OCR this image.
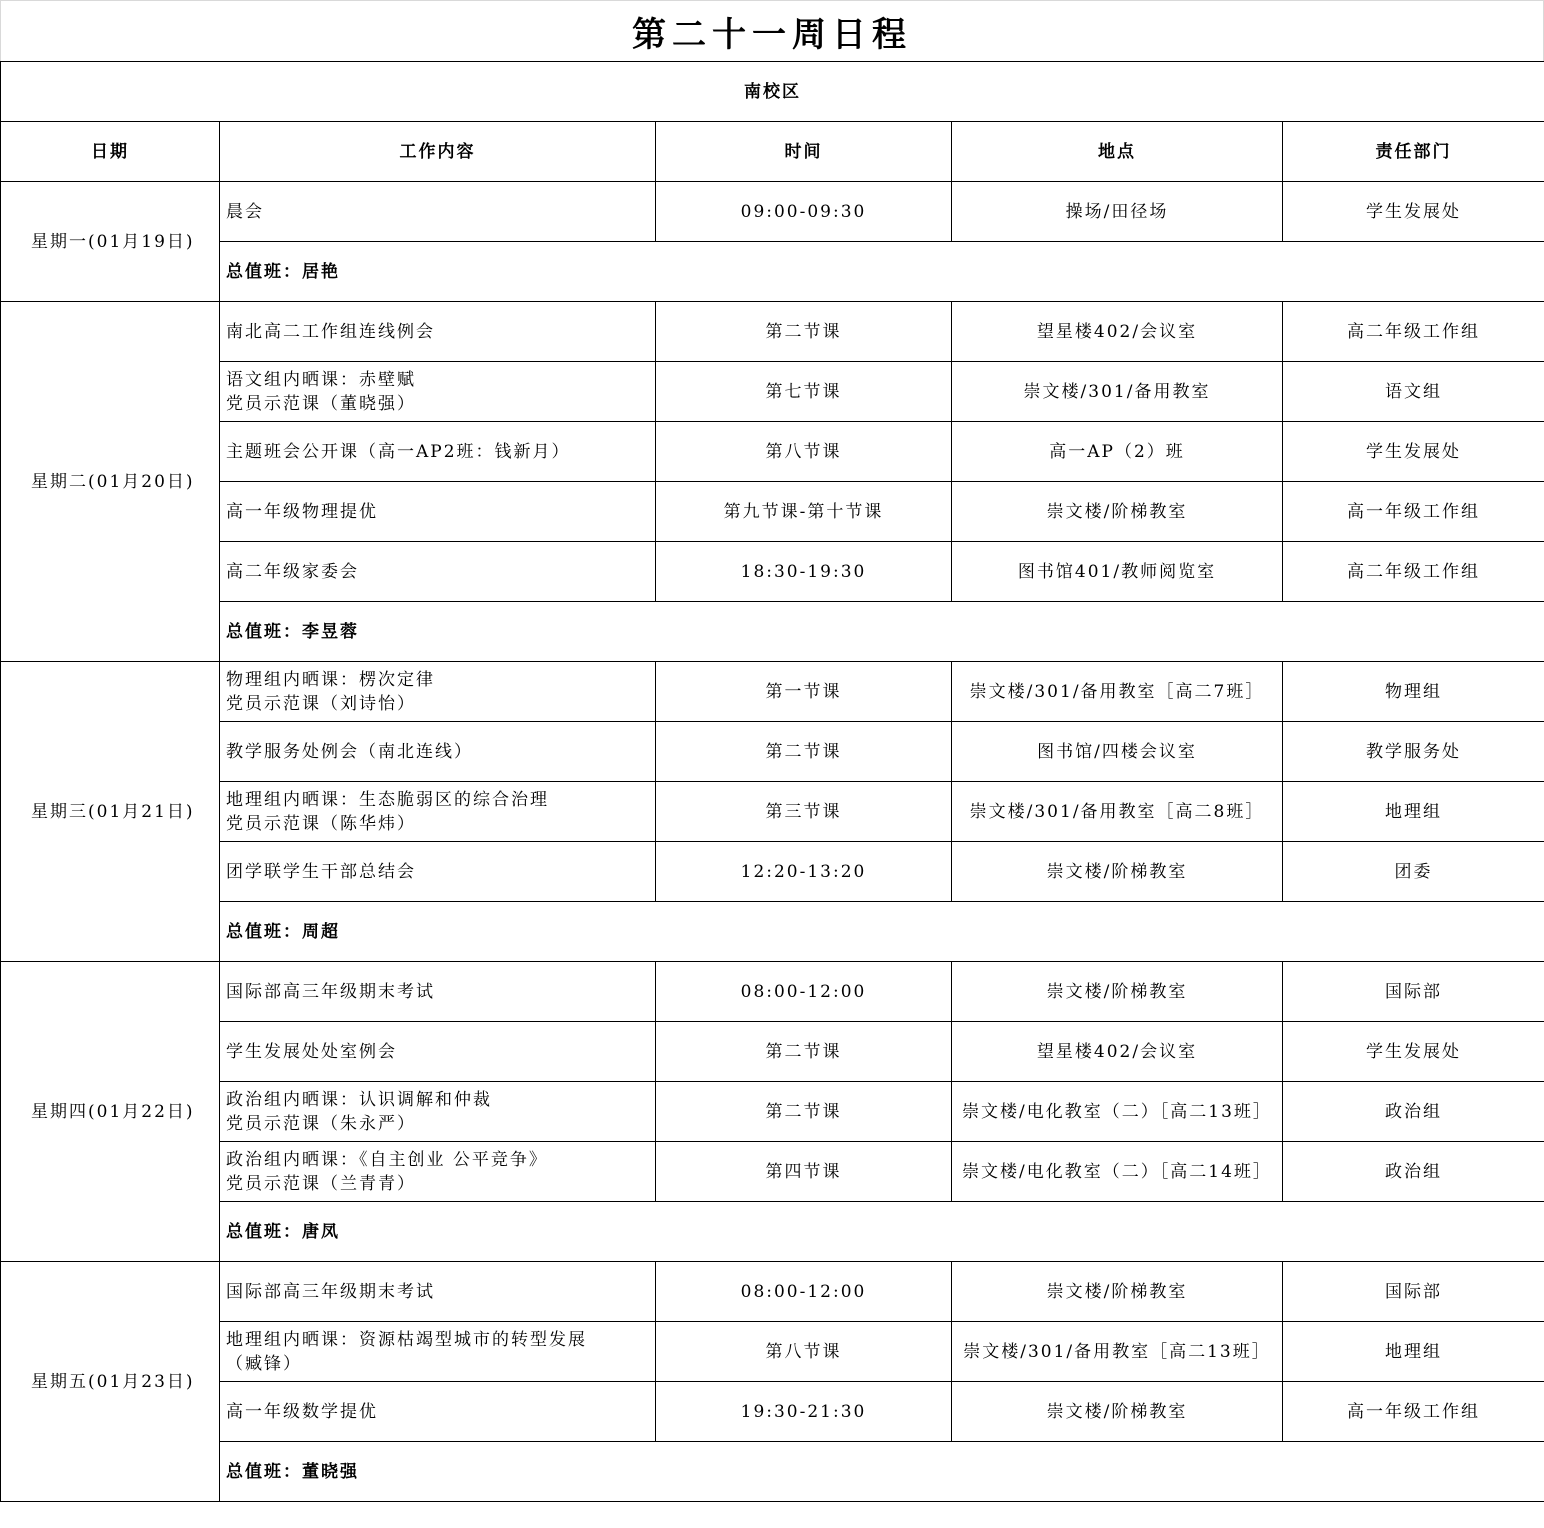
第二十一周日程
南校区				
日期	工作内容	时间	地点	责任部门
星期一(01月19日)	晨会	09:00-09:30	操场/田径场	学生发展处
	总值班：居艳			
星期二(01月20日)	南北高二工作组连线例会	第二节课	望星楼402/会议室	高二年级工作组

	语文组内晒课：赤壁赋
党员示范课（董晓强）	第七节课	崇文楼/301/备用教室	语文组

	主题班会公开课（高一AP2班：钱新月）	第八节课	高一AP（2）班	学生发展处

	高一年级物理提优	第九节课-第十节课	崇文楼/阶梯教室	高一年级工作组

	高二年级家委会	18:30-19:30	图书馆401/教师阅览室	高二年级工作组
	总值班：李昱蓉			
星期三(01月21日)	物理组内晒课：楞次定律
党员示范课（刘诗怡）	第一节课	崇文楼/301/备用教室［高二7班］	物理组

	教学服务处例会（南北连线）	第二节课	图书馆/四楼会议室	教学服务处

	地理组内晒课：生态脆弱区的综合治理
党员示范课（陈华炜）	第三节课	崇文楼/301/备用教室［高二8班］	地理组

	团学联学生干部总结会	12:20-13:20	崇文楼/阶梯教室	团委
	总值班：周超			
星期四(01月22日)	国际部高三年级期末考试	08:00-12:00	崇文楼/阶梯教室	国际部

	学生发展处处室例会	第二节课	望星楼402/会议室	学生发展处

	政治组内晒课：认识调解和仲裁
党员示范课（朱永严）	第二节课	崇文楼/电化教室（二）［高二13班］	政治组

	政治组内晒课：《自主创业 公平竞争》
党员示范课（兰青青）	第四节课	崇文楼/电化教室（二）［高二14班］	政治组
	总值班：唐凤			
星期五(01月23日)	国际部高三年级期末考试	08:00-12:00	崇文楼/阶梯教室	国际部

	地理组内晒课：资源枯竭型城市的转型发展
（臧锋）	第八节课	崇文楼/301/备用教室［高二13班］	地理组

	高一年级数学提优	19:30-21:30	崇文楼/阶梯教室	高一年级工作组
	总值班：董晓强			
